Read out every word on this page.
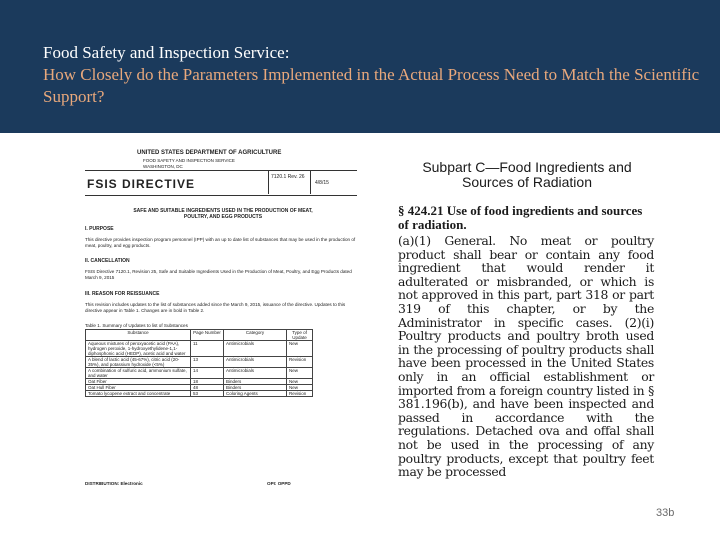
Food Safety and Inspection Service:
How Closely do the Parameters Implemented in the Actual Process Need to Match the Scientific Support?
UNITED STATES DEPARTMENT OF AGRICULTURE
FOOD SAFETY AND INSPECTION SERVICE
WASHINGTON, DC
FSIS DIRECTIVE	7120.1 Rev. 26
4/8/15
SAFE AND SUITABLE INGREDIENTS USED IN THE PRODUCTION OF MEAT, POULTRY, AND EGG PRODUCTS
I. PURPOSE
This directive provides inspection program personnel (IPP) with an up to date list of substances that may be used in the production of meat, poultry, and egg products.
II. CANCELLATION
FSIS Directive 7120.1, Revision 25, Safe and Suitable Ingredients Used in the Production of Meat, Poultry, and Egg Products dated March 9, 2015
III. REASON FOR REISSUANCE
This revision includes updates to the list of substances added since the March 9, 2015, issuance of the directive. Updates to this directive appear in Table 1. Changes are in bold in Table 2.
Table 1. Summary of Updates to list of Substances
Substance	Page Number	Category	Type of Update
Aqueous mixtures of peroxyacetic acid (PAA), hydrogen peroxide, 1-hydroxyethylidene-1,1-diphosphonic acid (HEDP), acetic acid and water	11	Antimicrobials	New
A blend of lactic acid (45-67%), citric acid (20-35%), and potassium hydroxide (<5%)	13	Antimicrobials	Revision
A combination of sulfuric acid, ammonium sulfate, and water	14	Antimicrobials	New
Oat Fiber	18	Binders	New
Oat Hull Fiber	48	Binders	New
Tomato lycopene extract and concentrate	53	Coloring Agents	Revision
DISTRIBUTION: Electronic	OPI: OPPD
Subpart C—Food Ingredients and Sources of Radiation
§ 424.21 Use of food ingredients and sources of radiation.
(a)(1) General. No meat or poultry product shall bear or contain any food ingredient that would render it adulterated or misbranded, or which is not approved in this part, part 318 or part 319 of this chapter, or by the Administrator in specific cases. (2)(i) Poultry products and poultry broth used in the processing of poultry products shall have been processed in the United States only in an official establishment or imported from a foreign country listed in § 381.196(b), and have been inspected and passed in accordance with the regulations. Detached ova and offal shall not be used in the processing of any poultry products, except that poultry feet may be processed
33b
